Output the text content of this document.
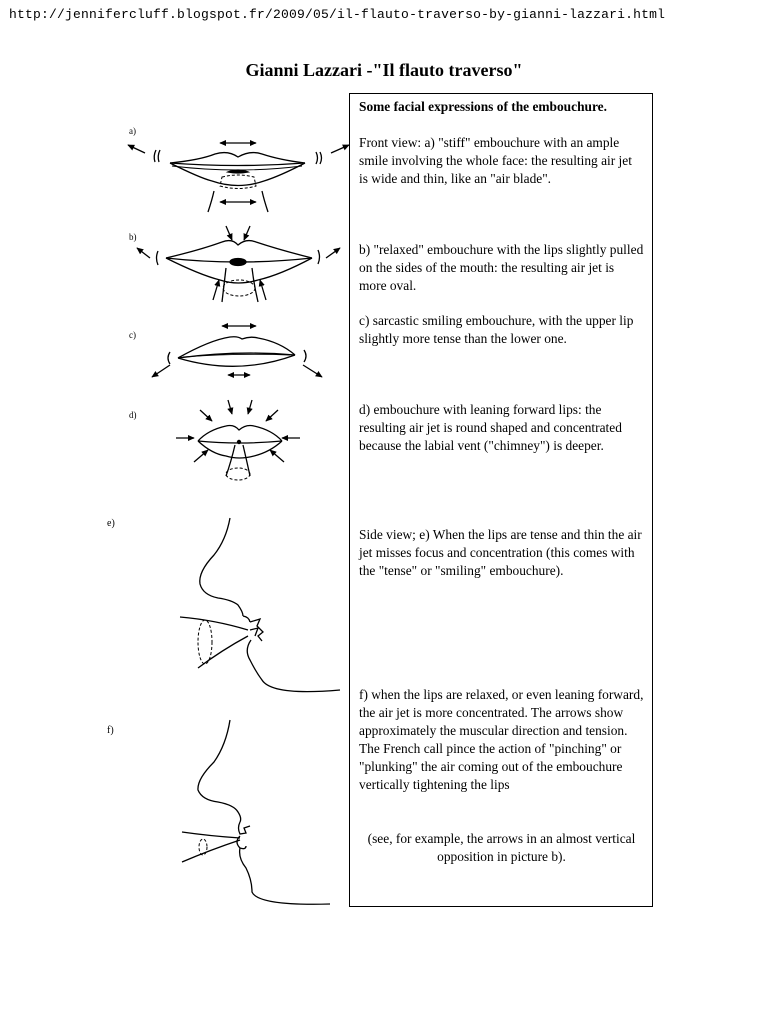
http://jennifercluff.blogspot.fr/2009/05/il-flauto-traverso-by-gianni-lazzari.html
Gianni Lazzari -"Il flauto traverso"
a)
b)
c)
d)
e)
f)

Some facial expressions of the embouchure.

Front view: a) "stiff" embouchure with an ample smile involving the whole face: the resulting air jet is wide and thin, like an "air blade".

b) "relaxed" embouchure with the lips slightly pulled on the sides of the mouth: the resulting air jet is more oval.

c) sarcastic smiling embouchure, with the upper lip slightly more tense than the lower one.

d) embouchure with leaning forward lips: the resulting air jet is round shaped and concentrated because the labial vent ("chimney") is deeper.

Side view; e) When the lips are tense and thin the air jet misses focus and concentration (this comes with the "tense" or "smiling" embouchure).

f) when the lips are relaxed, or even leaning forward, the air jet is more concentrated. The arrows show approximately the muscular direction and tension. The French call pince the action of "pinching" or "plunking" the air coming out of the embouchure vertically tightening the lips

(see, for example, the arrows in an almost vertical opposition in picture b).
